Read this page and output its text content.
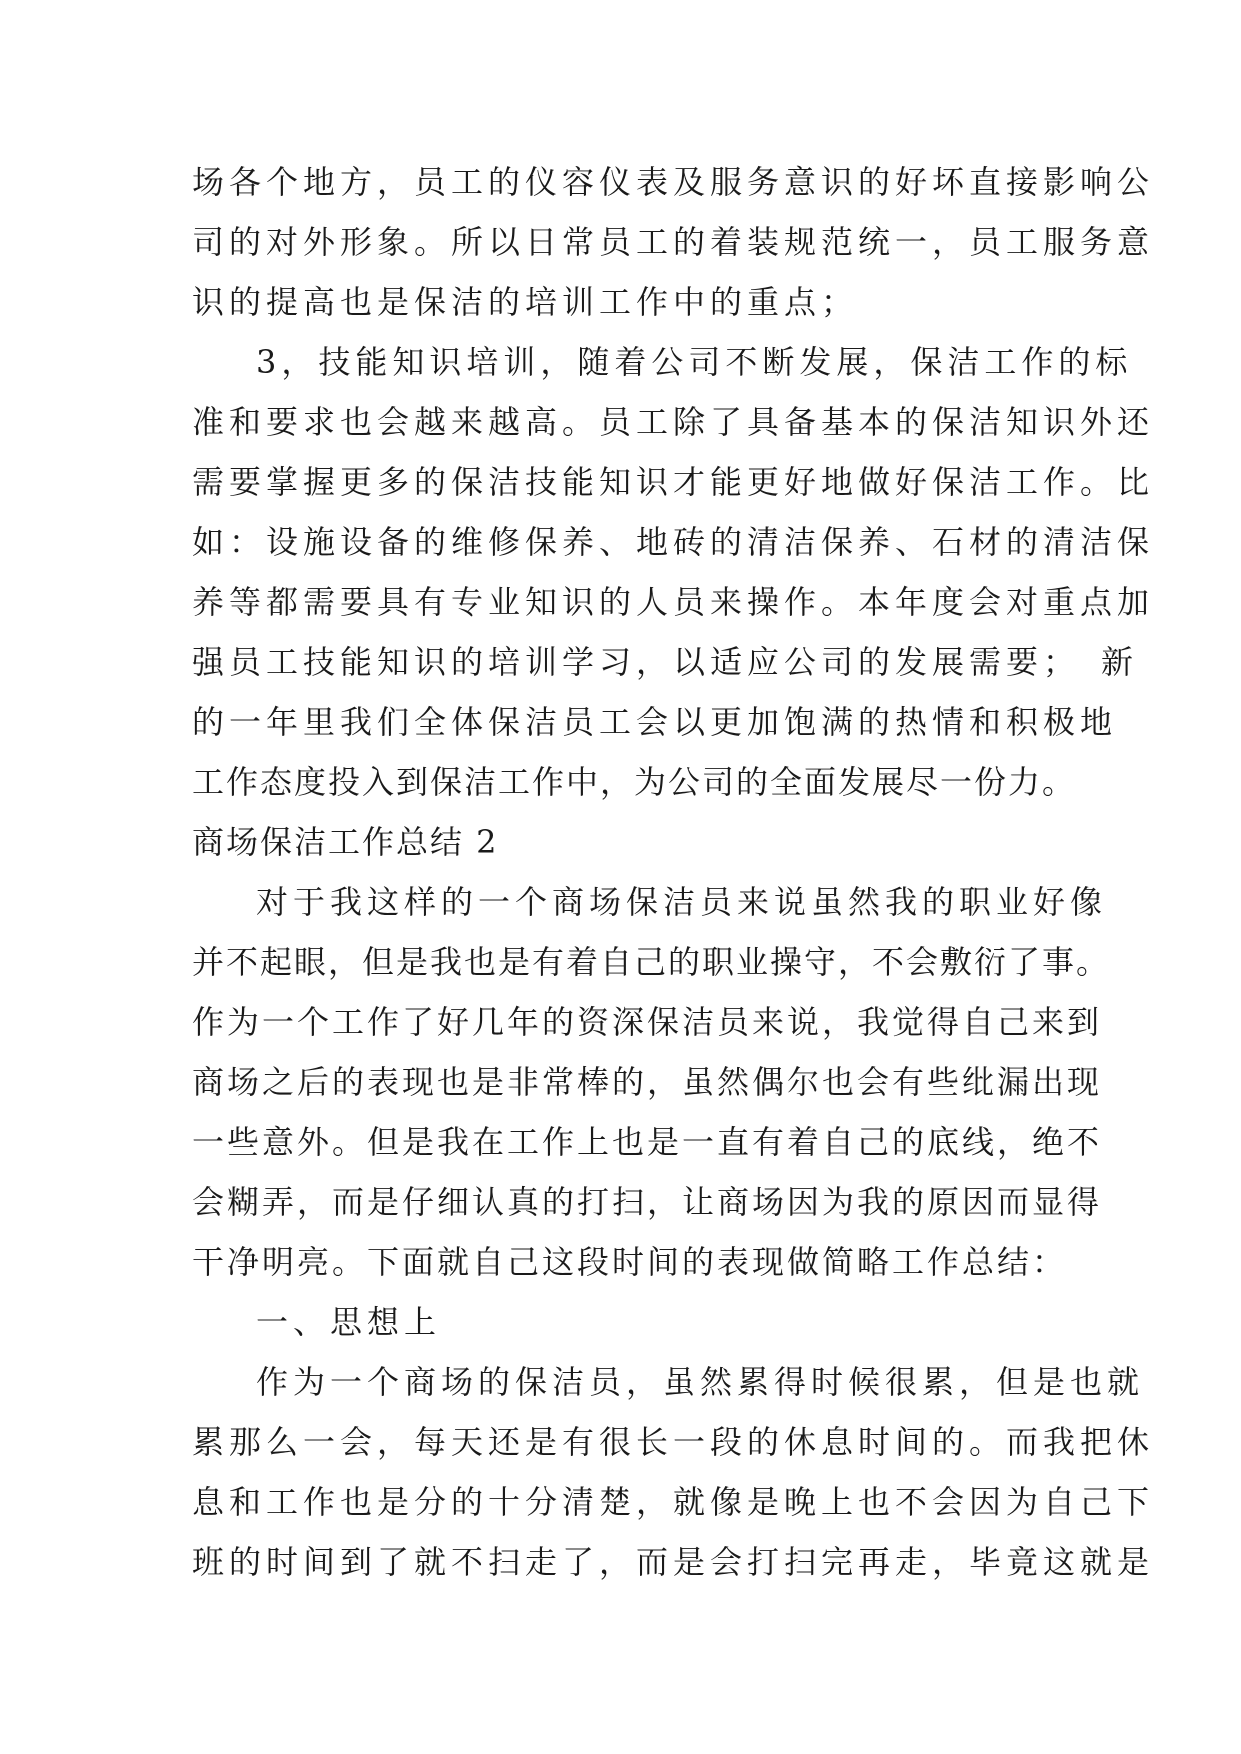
场各个地方，员工的仪容仪表及服务意识的好坏直接影响公
司的对外形象。所以日常员工的着装规范统一，员工服务意
识的提高也是保洁的培训工作中的重点；
3，技能知识培训，随着公司不断发展，保洁工作的标
准和要求也会越来越高。员工除了具备基本的保洁知识外还
需要掌握更多的保洁技能知识才能更好地做好保洁工作。比
如：设施设备的维修保养、地砖的清洁保养、石材的清洁保
养等都需要具有专业知识的人员来操作。本年度会对重点加
强员工技能知识的培训学习，以适应公司的发展需要；　新
的一年里我们全体保洁员工会以更加饱满的热情和积极地
工作态度投入到保洁工作中，为公司的全面发展尽一份力。
商场保洁工作总结 2
对于我这样的一个商场保洁员来说虽然我的职业好像
并不起眼，但是我也是有着自己的职业操守，不会敷衍了事。
作为一个工作了好几年的资深保洁员来说，我觉得自己来到
商场之后的表现也是非常棒的，虽然偶尔也会有些纰漏出现
一些意外。但是我在工作上也是一直有着自己的底线，绝不
会糊弄，而是仔细认真的打扫，让商场因为我的原因而显得
干净明亮。下面就自己这段时间的表现做简略工作总结：
一、思想上
作为一个商场的保洁员，虽然累得时候很累，但是也就
累那么一会，每天还是有很长一段的休息时间的。而我把休
息和工作也是分的十分清楚，就像是晚上也不会因为自己下
班的时间到了就不扫走了，而是会打扫完再走，毕竟这就是
